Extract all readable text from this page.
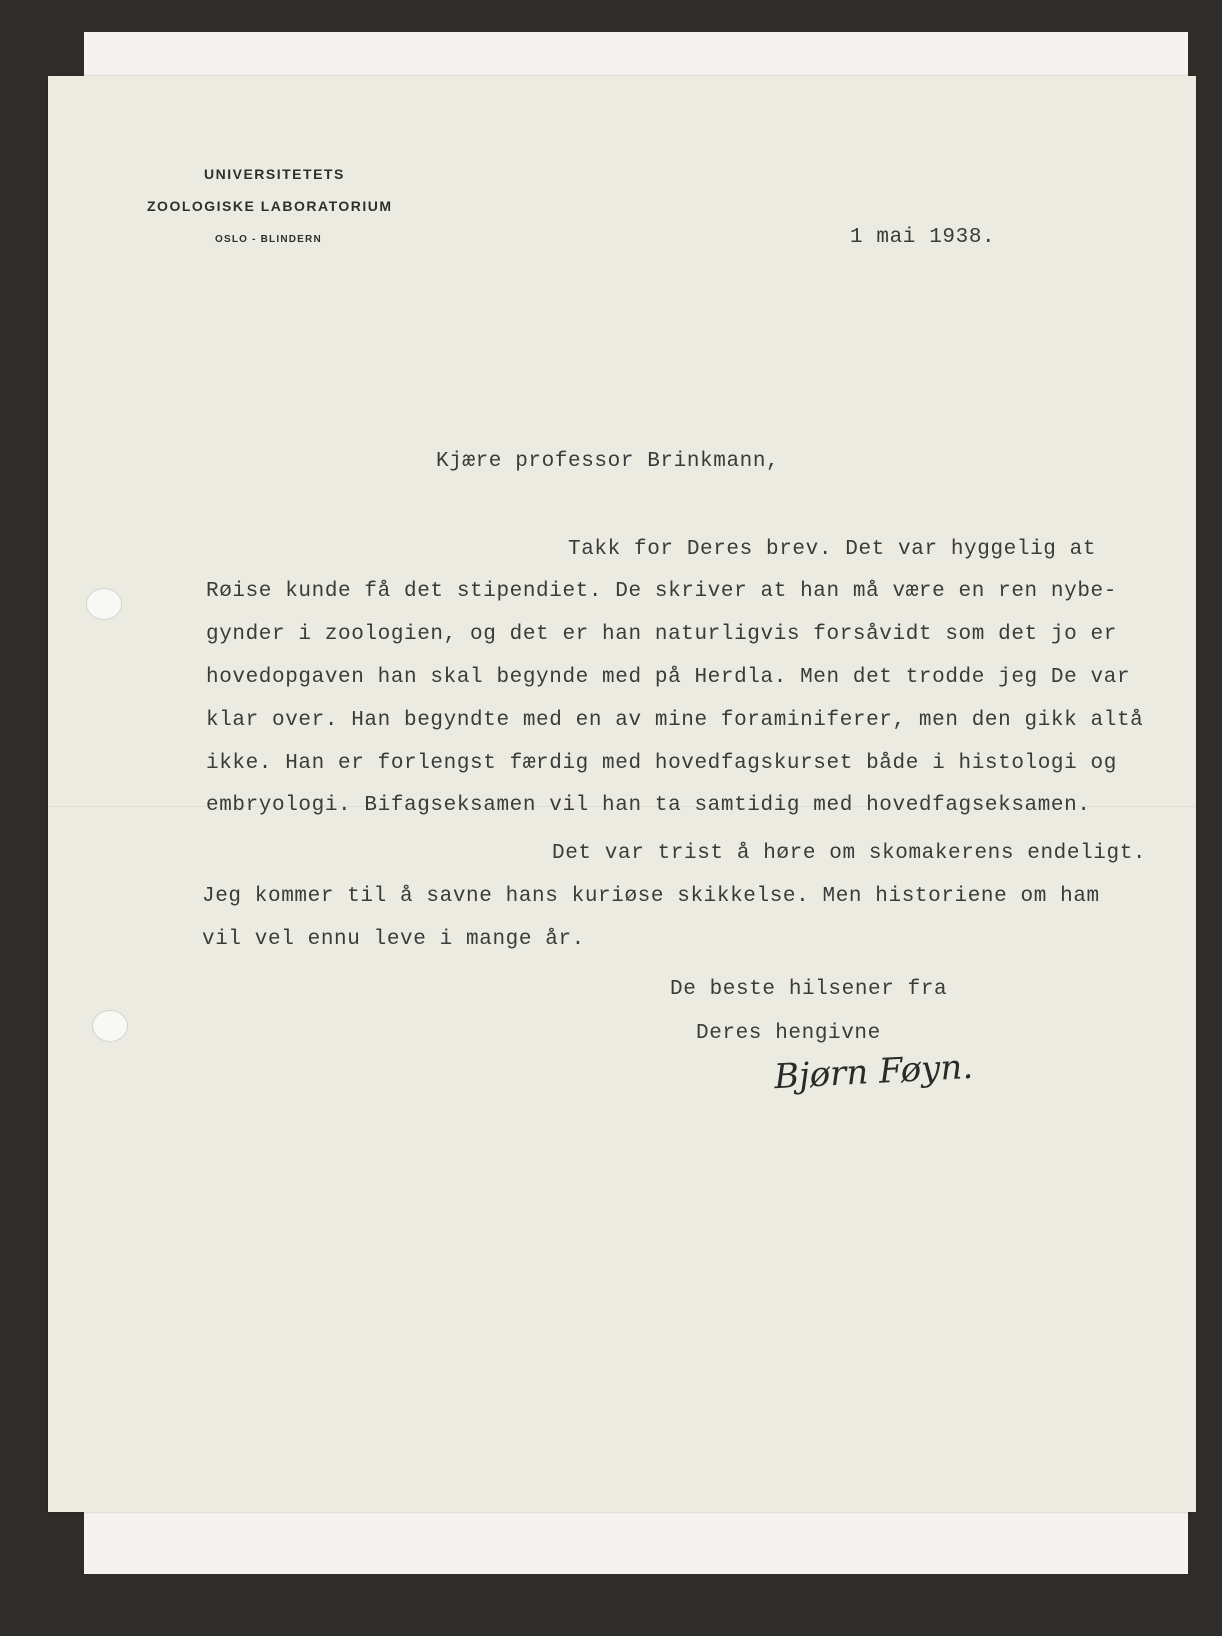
UNIVERSITETETS
ZOOLOGISKE LABORATORIUM
OSLO - BLINDERN	1 mai 1938.
Kjære professor Brinkmann,
Takk for Deres brev. Det var hyggelig at
Røise kunde få det stipendiet. De skriver at han må være en ren nybe-
gynder i zoologien, og det er han naturligvis forsåvidt som det jo er
hovedopgaven han skal begynde med på Herdla. Men det trodde jeg De var
klar over. Han begyndte med en av mine foraminiferer, men den gikk altå
ikke. Han er forlengst færdig med hovedfagskurset både i histologi og
embryologi. Bifagseksamen vil han ta samtidig med hovedfagseksamen.
Det var trist å høre om skomakerens endeligt.
Jeg kommer til å savne hans kuriøse skikkelse. Men historiene om ham
vil vel ennu leve i mange år.
De beste hilsener fra
Deres hengivne
Bjørn Føyn.
